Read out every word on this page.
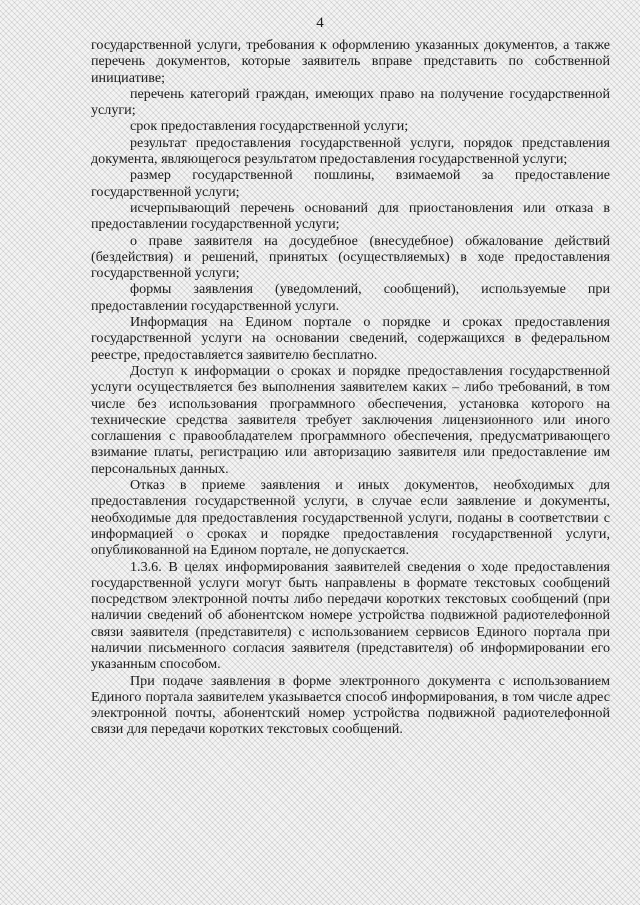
4

государственной услуги, требования к оформлению указанных документов, а также перечень документов, которые заявитель вправе представить по собственной инициативе;

перечень категорий граждан, имеющих право на получение государственной услуги;

срок предоставления государственной услуги;

результат предоставления государственной услуги, порядок представления документа, являющегося результатом предоставления государственной услуги;

размер государственной пошлины, взимаемой за предоставление государственной услуги;

исчерпывающий перечень оснований для приостановления или отказа в предоставлении государственной услуги;

о праве заявителя на досудебное (внесудебное) обжалование действий (бездействия) и решений, принятых (осуществляемых) в ходе предоставления государственной услуги;

формы заявления (уведомлений, сообщений), используемые при предоставлении государственной услуги.

Информация на Едином портале о порядке и сроках предоставления государственной услуги на основании сведений, содержащихся в федеральном реестре, предоставляется заявителю бесплатно.

Доступ к информации о сроках и порядке предоставления государственной услуги осуществляется без выполнения заявителем каких – либо требований, в том числе без использования программного обеспечения, установка которого на технические средства заявителя требует заключения лицензионного или иного соглашения с правообладателем программного обеспечения, предусматривающего взимание платы, регистрацию или авторизацию заявителя или предоставление им персональных данных.

Отказ в приеме заявления и иных документов, необходимых для предоставления государственной услуги, в случае если заявление и документы, необходимые для предоставления государственной услуги, поданы в соответствии с информацией о сроках и порядке предоставления государственной услуги, опубликованной на Едином портале, не допускается.

1.3.6. В целях информирования заявителей сведения о ходе предоставления государственной услуги могут быть направлены в формате текстовых сообщений посредством электронной почты либо передачи коротких текстовых сообщений (при наличии сведений об абонентском номере устройства подвижной радиотелефонной связи заявителя (представителя) с использованием сервисов Единого портала при наличии письменного согласия заявителя (представителя) об информировании его указанным способом.

При подаче заявления в форме электронного документа с использованием Единого портала заявителем указывается способ информирования, в том числе адрес электронной почты, абонентский номер устройства подвижной радиотелефонной связи для передачи коротких текстовых сообщений.
